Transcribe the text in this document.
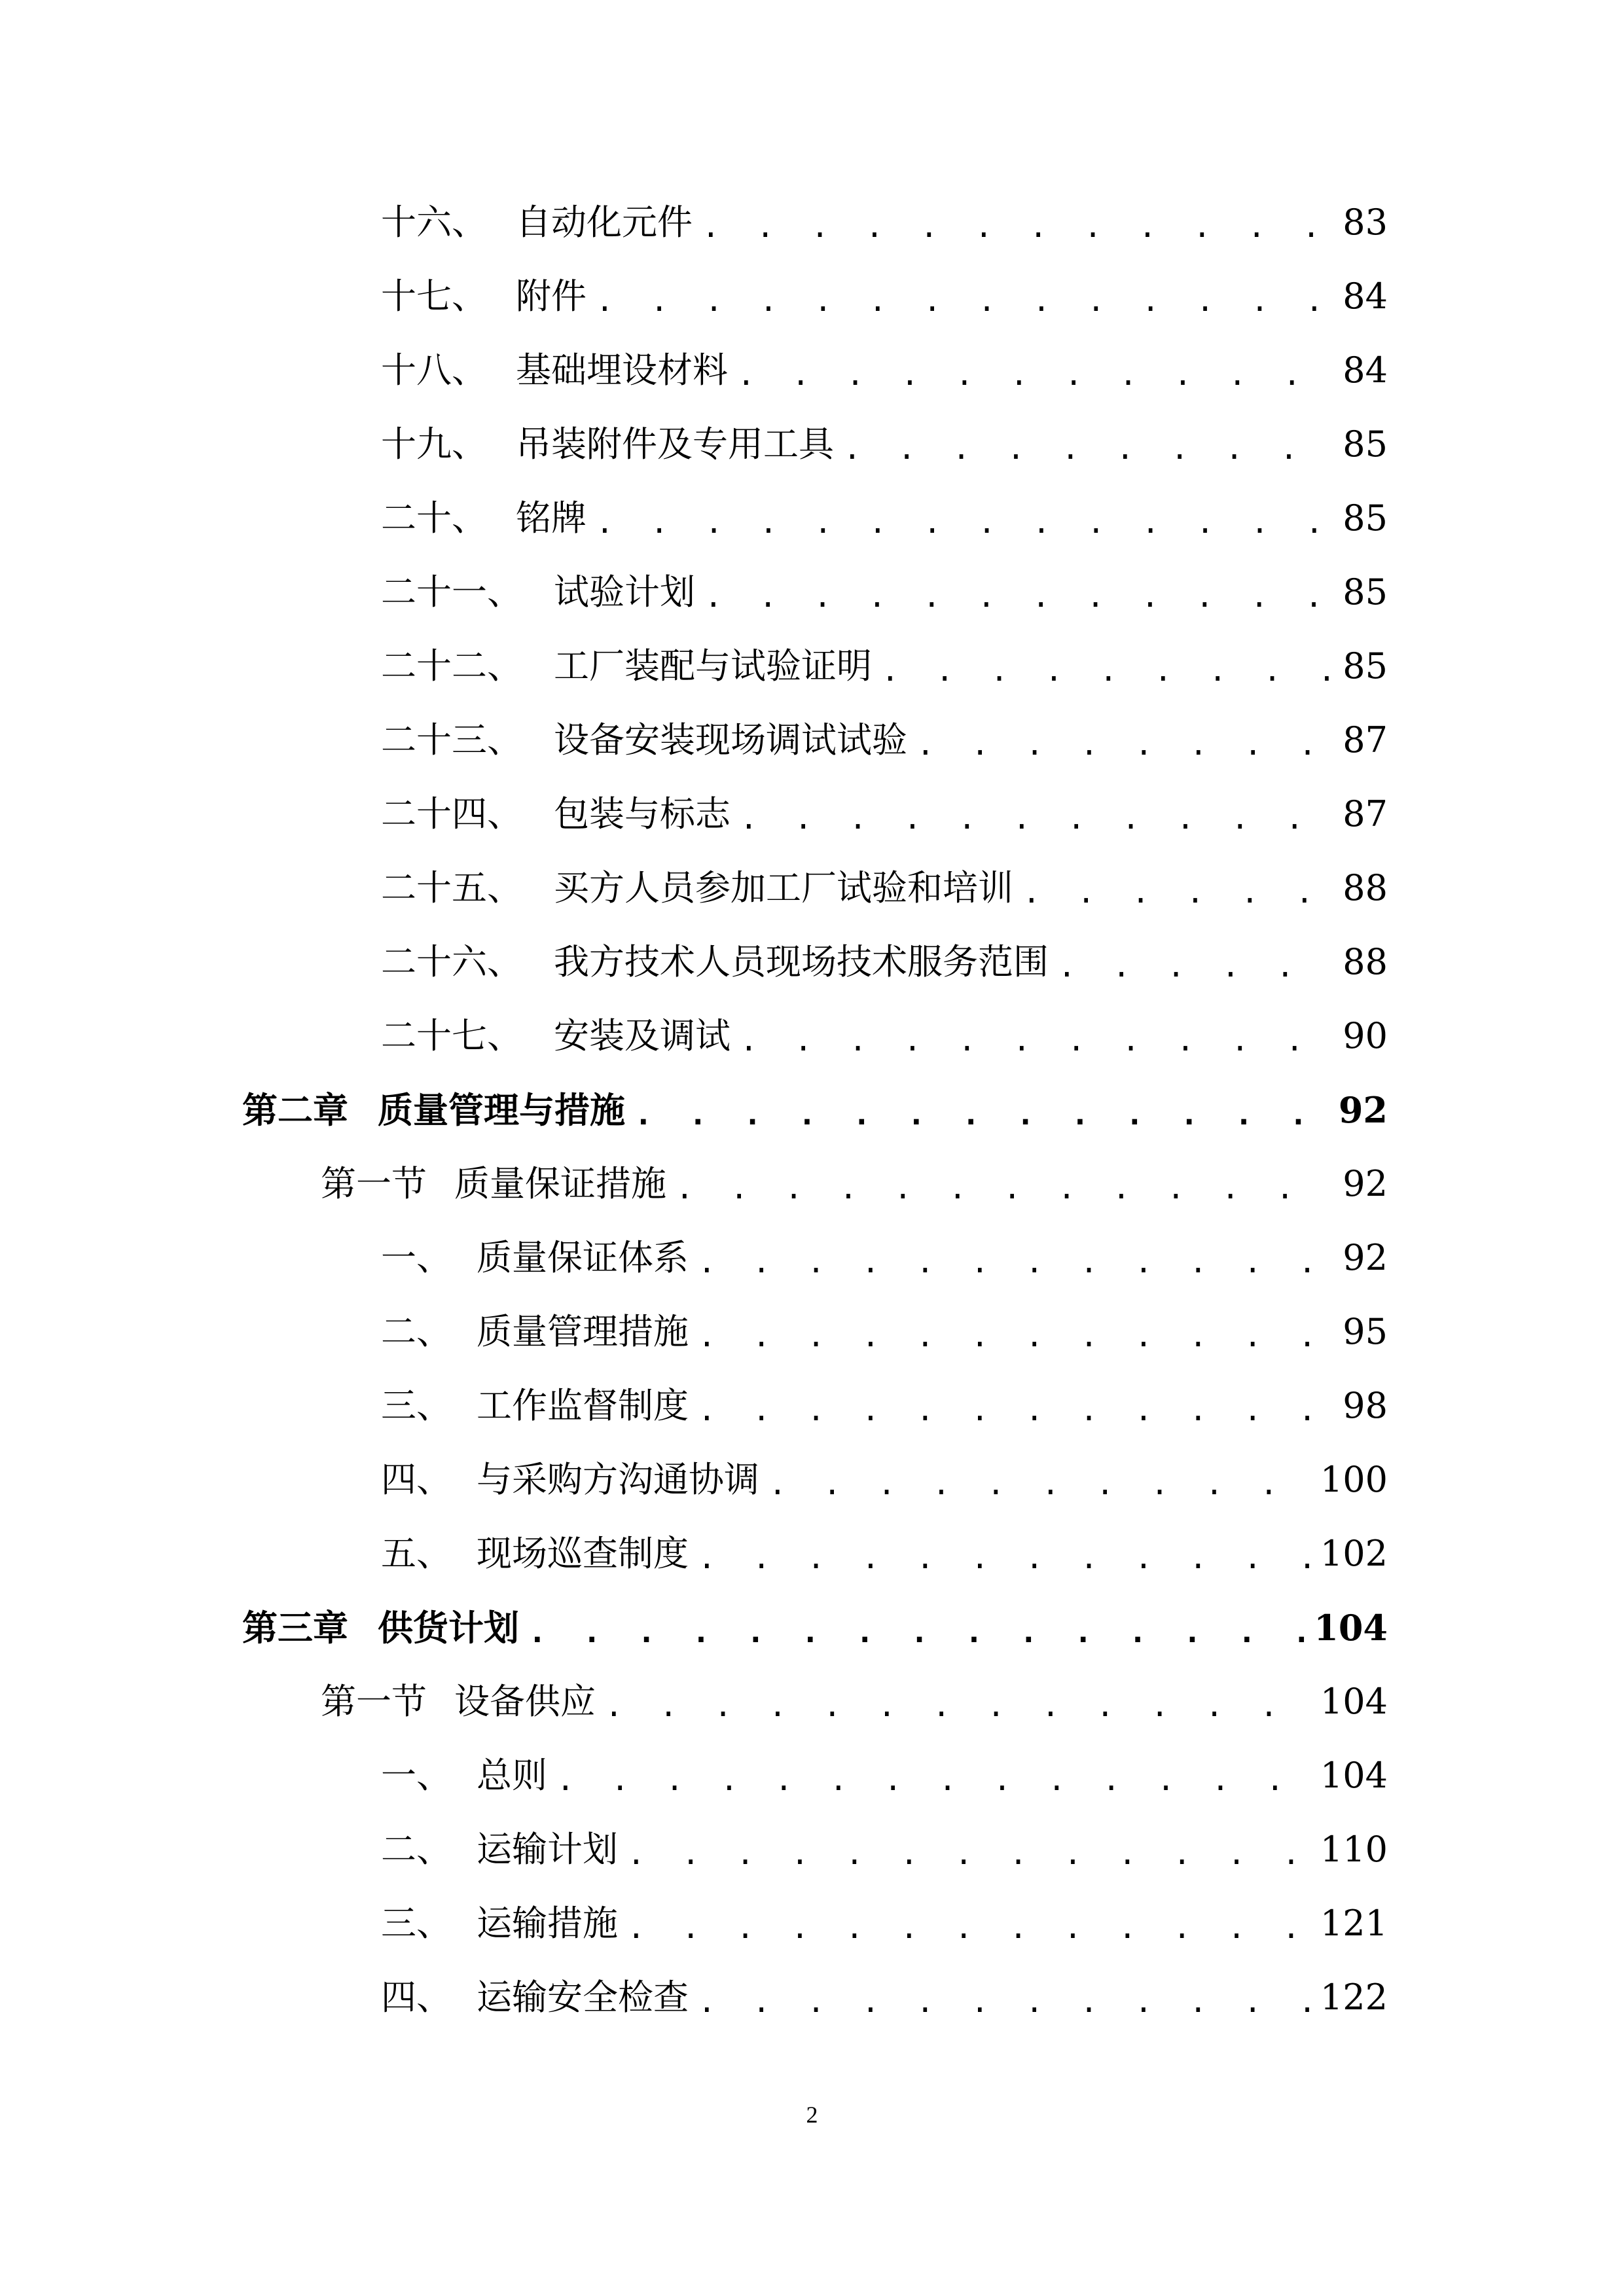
十六、 自动化元件 . . .	83
十七、 附件 . . .	84
十八、 基础埋设材料 . . .	84
十九、 吊装附件及专用工具 . . .	85
二十、 铭牌 . . .	85
二十一、 试验计划 . . .	85
二十二、 工厂装配与试验证明 . . .	85
二十三、 设备安装现场调试试验 . . .	87
二十四、 包装与标志 . . .	87
二十五、 买方人员参加工厂试验和培训 . . .	88
二十六、 我方技术人员现场技术服务范围 . . .	88
二十七、 安装及调试 . . .	90
第二章 质量管理与措施 . . .	92
第一节 质量保证措施 . . .	92
一、 质量保证体系 . . .	92
二、 质量管理措施 . . .	95
三、 工作监督制度 . . .	98
四、 与采购方沟通协调 . . .	100
五、 现场巡查制度 . . .	102
第三章 供货计划 . . .	104
第一节 设备供应 . . .	104
一、 总则 . . .	104
二、 运输计划 . . .	110
三、 运输措施 . . .	121
四、 运输安全检查 . . .	122
2
